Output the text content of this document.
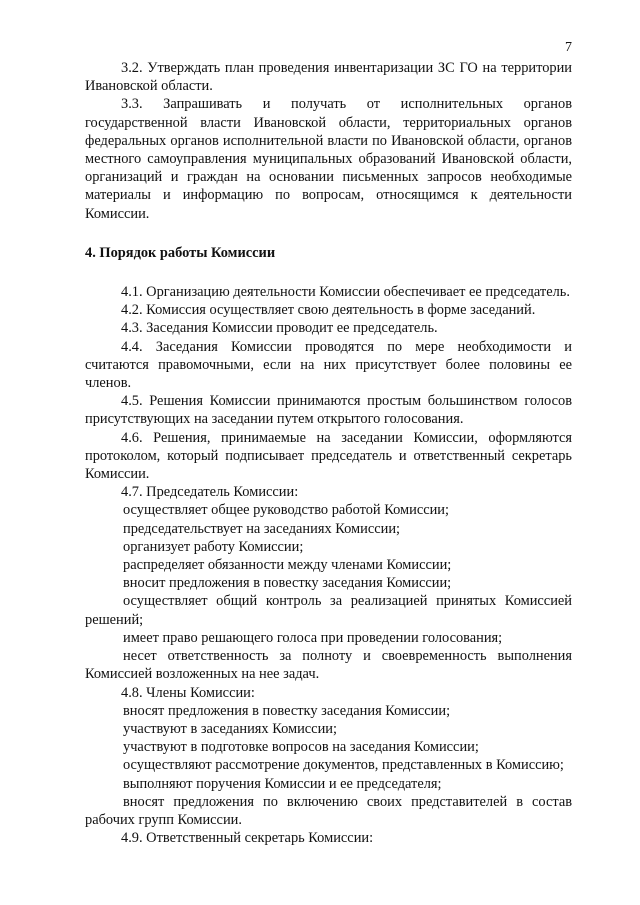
7

3.2. Утверждать план проведения инвентаризации ЗС ГО на территории Ивановской области.

3.3. Запрашивать и получать от исполнительных органов государственной власти Ивановской области, территориальных органов федеральных органов исполнительной власти по Ивановской области, органов местного самоуправления муниципальных образований Ивановской области, организаций и граждан на основании письменных запросов необходимые материалы и информацию по вопросам, относящимся к деятельности Комиссии.

4. Порядок работы Комиссии

4.1. Организацию деятельности Комиссии обеспечивает ее председатель.

4.2. Комиссия осуществляет свою деятельность в форме заседаний.

4.3. Заседания Комиссии проводит ее председатель.

4.4. Заседания Комиссии проводятся по мере необходимости и считаются правомочными, если на них присутствует более половины ее членов.

4.5. Решения Комиссии принимаются простым большинством голосов присутствующих на заседании путем открытого голосования.

4.6. Решения, принимаемые на заседании Комиссии, оформляются протоколом, который подписывает председатель и ответственный секретарь Комиссии.

4.7. Председатель Комиссии:

осуществляет общее руководство работой Комиссии;

председательствует на заседаниях Комиссии;

организует работу Комиссии;

распределяет обязанности между членами Комиссии;

вносит предложения в повестку заседания Комиссии;

осуществляет общий контроль за реализацией принятых Комиссией решений;

имеет право решающего голоса при проведении голосования;

несет ответственность за полноту и своевременность выполнения Комиссией возложенных на нее задач.

4.8. Члены Комиссии:

вносят предложения в повестку заседания Комиссии;

участвуют в заседаниях Комиссии;

участвуют в подготовке вопросов на заседания Комиссии;

осуществляют рассмотрение документов, представленных в Комиссию;

выполняют поручения Комиссии и ее председателя;

вносят предложения по включению своих представителей в состав рабочих групп Комиссии.

4.9. Ответственный секретарь Комиссии:
